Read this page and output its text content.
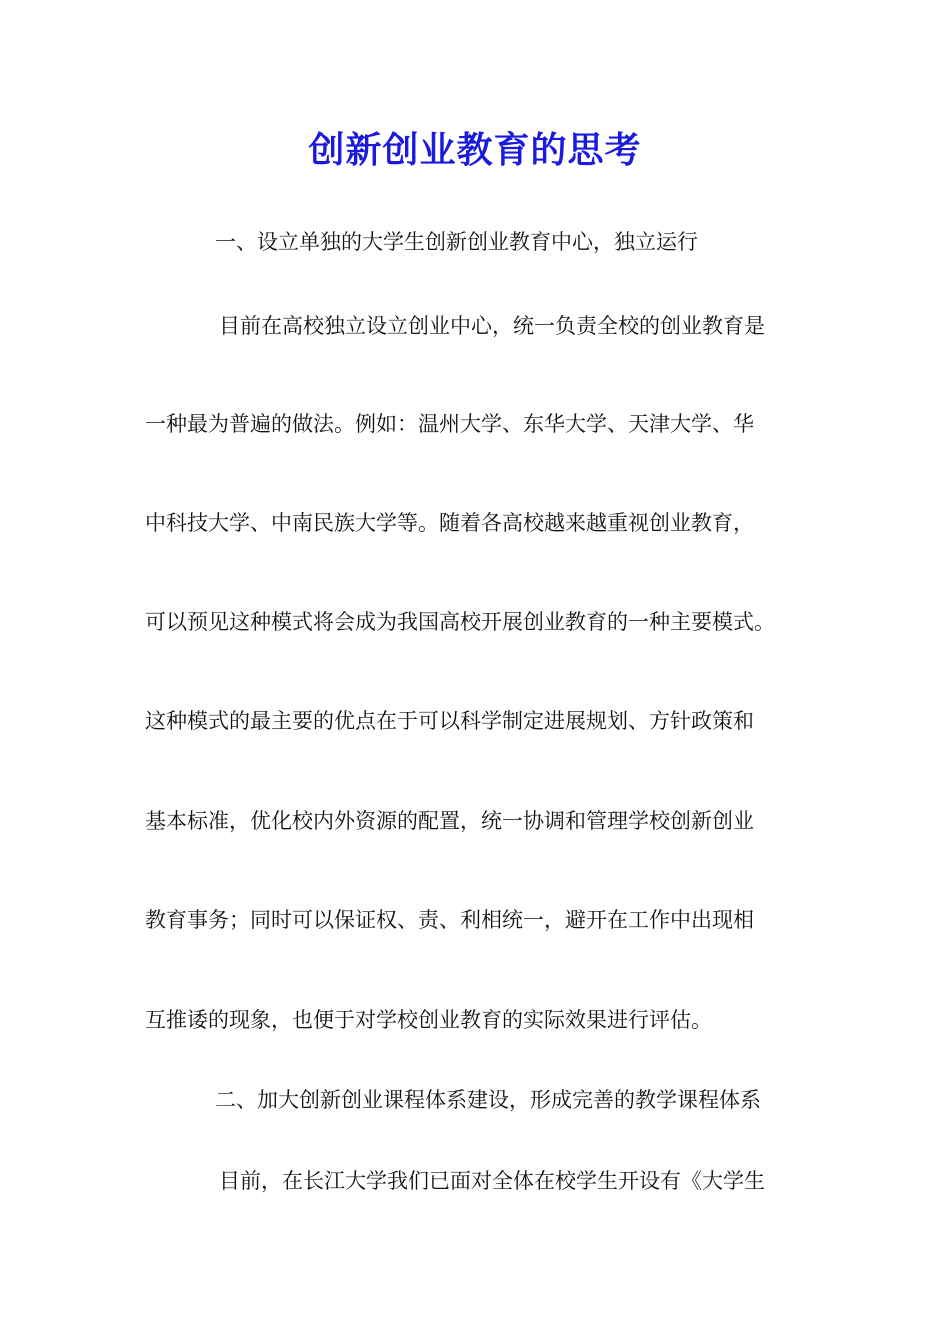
创新创业教育的思考
一、设立单独的大学生创新创业教育中心，独立运行
目前在高校独立设立创业中心，统一负责全校的创业教育是
一种最为普遍的做法。例如：温州大学、东华大学、天津大学、华
中科技大学、中南民族大学等。随着各高校越来越重视创业教育，
可以预见这种模式将会成为我国高校开展创业教育的一种主要模式。
这种模式的最主要的优点在于可以科学制定进展规划、方针政策和
基本标准，优化校内外资源的配置，统一协调和管理学校创新创业
教育事务；同时可以保证权、责、利相统一，避开在工作中出现相
互推诿的现象，也便于对学校创业教育的实际效果进行评估。
二、加大创新创业课程体系建设，形成完善的教学课程体系
目前，在长江大学我们已面对全体在校学生开设有《大学生
